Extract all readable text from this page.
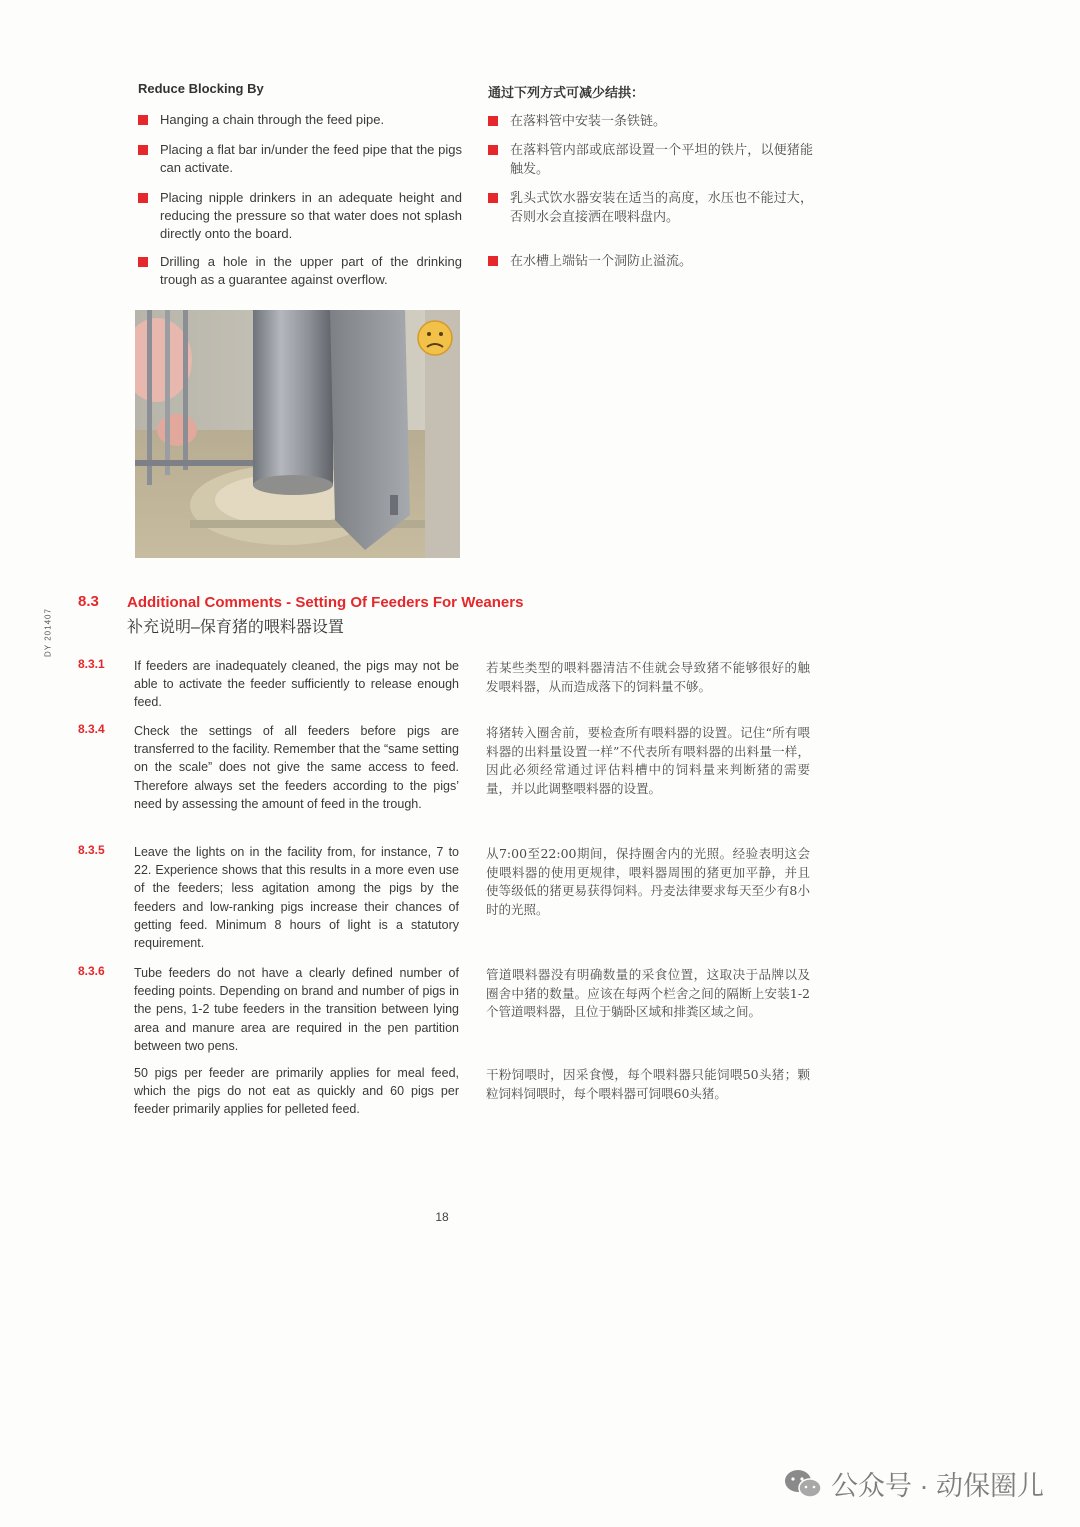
Reduce Blocking By
Hanging a chain through the feed pipe.
Placing a flat bar in/under the feed pipe that the pigs can activate.
Placing nipple drinkers in an adequate height and reducing the pressure so that water does not splash directly onto the board.
Drilling a hole in the upper part of the drinking trough as a guarantee against overflow.
通过下列方式可减少结拱：
在落料管中安装一条铁链。
在落料管内部或底部设置一个平坦的铁片，以便猪能触发。
乳头式饮水器安装在适当的高度，水压也不能过大，否则水会直接洒在喂料盘内。
在水槽上端钻一个洞防止溢流。
8.3 Additional Comments - Setting Of Feeders For Weaners
补充说明–保育猪的喂料器设置
8.3.1 If feeders are inadequately cleaned, the pigs may not be able to activate the feeder sufficiently to release enough feed.
若某些类型的喂料器清洁不佳就会导致猪不能够很好的触发喂料器，从而造成落下的饲料量不够。
8.3.4 Check the settings of all feeders before pigs are transferred to the facility. Remember that the “same setting on the scale” does not give the same access to feed. Therefore always set the feeders according to the pigs’ need by assessing the amount of feed in the trough.
将猪转入圈舍前，要检查所有喂料器的设置。记住“所有喂料器的出料量设置一样”不代表所有喂料器的出料量一样，因此必须经常通过评估料槽中的饲料量来判断猪的需要量，并以此调整喂料器的设置。
8.3.5 Leave the lights on in the facility from, for instance, 7 to 22. Experience shows that this results in a more even use of the feeders; less agitation among the pigs by the feeders and low-ranking pigs increase their chances of getting feed. Minimum 8 hours of light is a statutory requirement.
从7:00至22:00期间，保持圈舍内的光照。经验表明这会使喂料器的使用更规律，喂料器周围的猪更加平静，并且使等级低的猪更易获得饲料。丹麦法律要求每天至少有8小时的光照。
8.3.6 Tube feeders do not have a clearly defined number of feeding points. Depending on brand and number of pigs in the pens, 1-2 tube feeders in the transition between lying area and manure area are required in the pen partition between two pens.
管道喂料器没有明确数量的采食位置，这取决于品牌以及圈舍中猪的数量。应该在每两个栏舍之间的隔断上安装1-2个管道喂料器，且位于躺卧区域和排粪区域之间。
50 pigs per feeder are primarily applies for meal feed, which the pigs do not eat as quickly and 60 pigs per feeder primarily applies for pelleted feed.
干粉饲喂时，因采食慢，每个喂料器只能饲喂50头猪；颗粒饲料饲喂时，每个喂料器可饲喂60头猪。
DY 201407
18
公众号 · 动保圈儿
